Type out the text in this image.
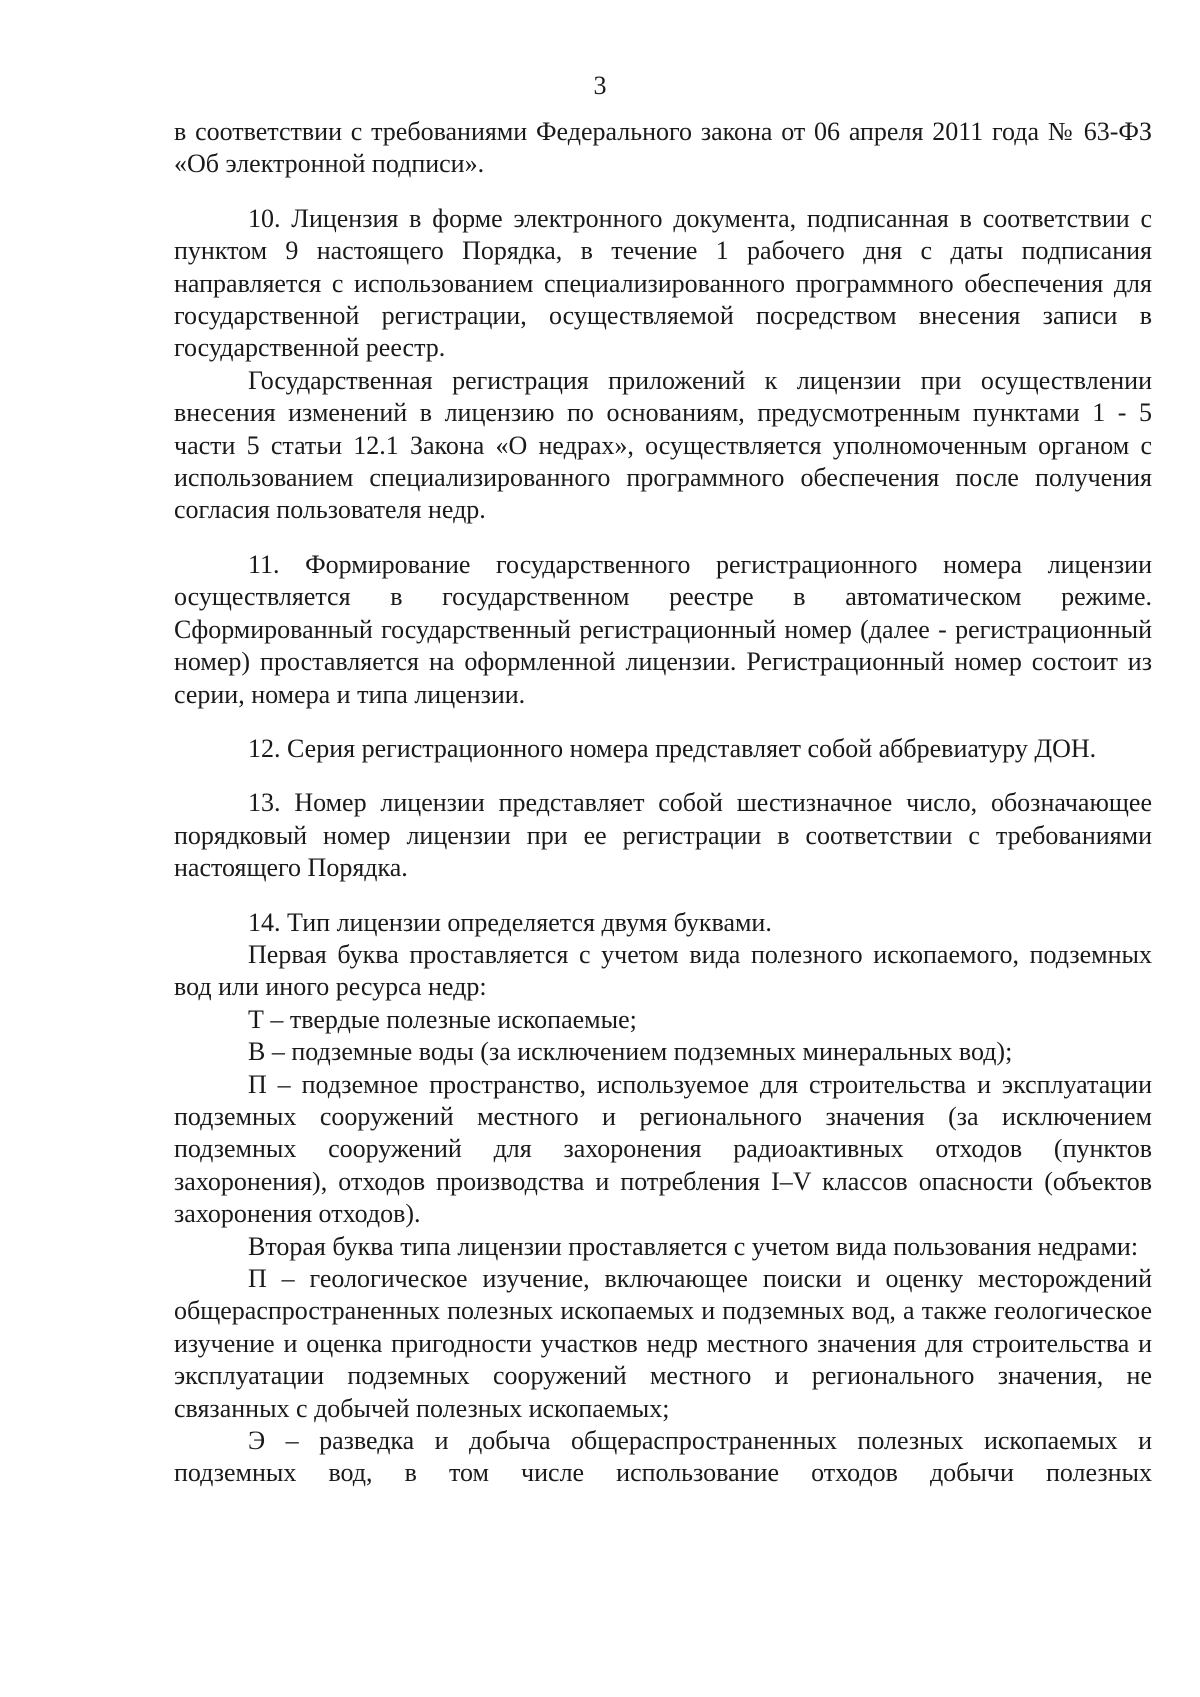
3

в соответствии с требованиями Федерального закона от 06 апреля 2011 года № 63-ФЗ «Об электронной подписи».

10. Лицензия в форме электронного документа, подписанная в соответствии с пунктом 9 настоящего Порядка, в течение 1 рабочего дня с даты подписания направляется с использованием специализированного программного обеспечения для государственной регистрации, осуществляемой посредством внесения записи в государственной реестр.

Государственная регистрация приложений к лицензии при осуществлении внесения изменений в лицензию по основаниям, предусмотренным пунктами 1 - 5 части 5 статьи 12.1 Закона «О недрах», осуществляется уполномоченным органом с использованием специализированного программного обеспечения после получения согласия пользователя недр.

11. Формирование государственного регистрационного номера лицензии осуществляется в государственном реестре в автоматическом режиме. Сформированный государственный регистрационный номер (далее - регистрационный номер) проставляется на оформленной лицензии. Регистрационный номер состоит из серии, номера и типа лицензии.

12. Серия регистрационного номера представляет собой аббревиатуру ДОН.

13. Номер лицензии представляет собой шестизначное число, обозначающее порядковый номер лицензии при ее регистрации в соответствии с требованиями настоящего Порядка.

14. Тип лицензии определяется двумя буквами.

Первая буква проставляется с учетом вида полезного ископаемого, подземных вод или иного ресурса недр:

Т – твердые полезные ископаемые;

В – подземные воды (за исключением подземных минеральных вод);

П – подземное пространство, используемое для строительства и эксплуатации подземных сооружений местного и регионального значения (за исключением подземных сооружений для захоронения радиоактивных отходов (пунктов захоронения), отходов производства и потребления I–V классов опасности (объектов захоронения отходов).

Вторая буква типа лицензии проставляется с учетом вида пользования недрами:

П – геологическое изучение, включающее поиски и оценку месторождений общераспространенных полезных ископаемых и подземных вод, а также геологическое изучение и оценка пригодности участков недр местного значения для строительства и эксплуатации подземных сооружений местного и регионального значения, не связанных с добычей полезных ископаемых;

Э – разведка и добыча общераспространенных полезных ископаемых и подземных вод, в том числе использование отходов добычи полезных
